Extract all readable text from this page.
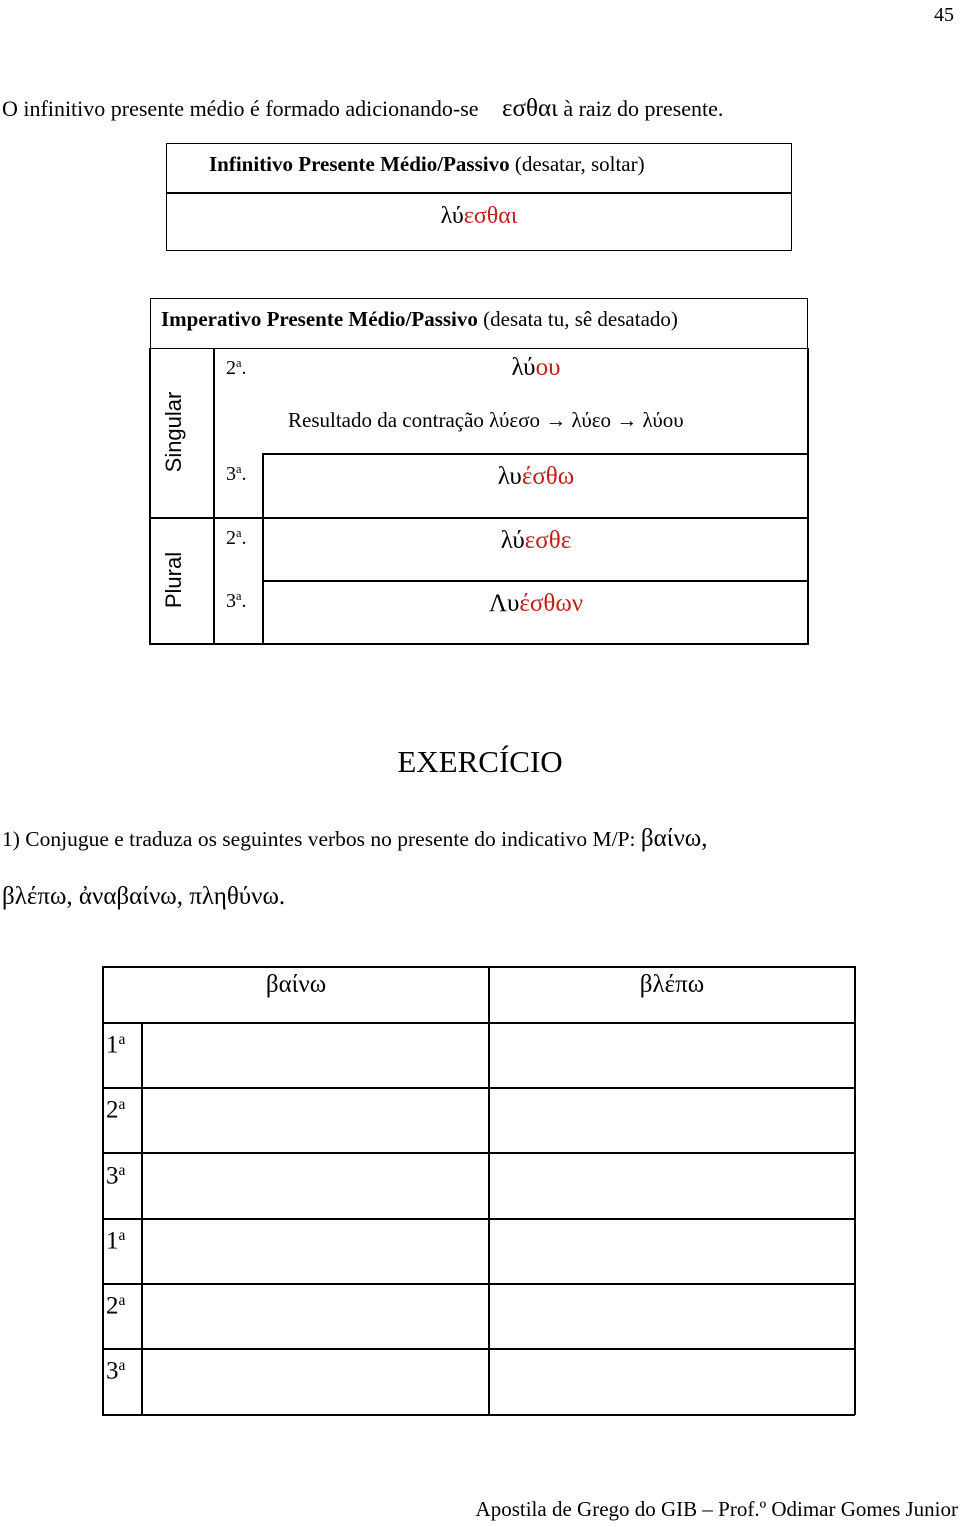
45
O infinitivo presente médio é formado adicionando-se εσθαι à raiz do presente.
Infinitivo Presente Médio/Passivo (desatar, soltar)
λύεσθαι
Imperativo Presente Médio/Passivo (desata tu, sê desatado)
Singular
Plural
2$^a$.
3$^a$.
2$^a$.
3$^a$.
λύου
Resultado da contração λύεσο → λύεο → λύου
λυέσθω
λύεσθε
Λυέσθων
EXERCÍCIO
1) Conjugue e traduza os seguintes verbos no presente do indicativo M/P: βαίνω,
βλέπω, ἀναβαίνω, πληθύνω.
βαίνω	βλέπω
1$^a$
2$^a$
3$^a$
1$^a$
2$^a$
3$^a$
Apostila de Grego do GIB – Prof.º Odimar Gomes Junior
